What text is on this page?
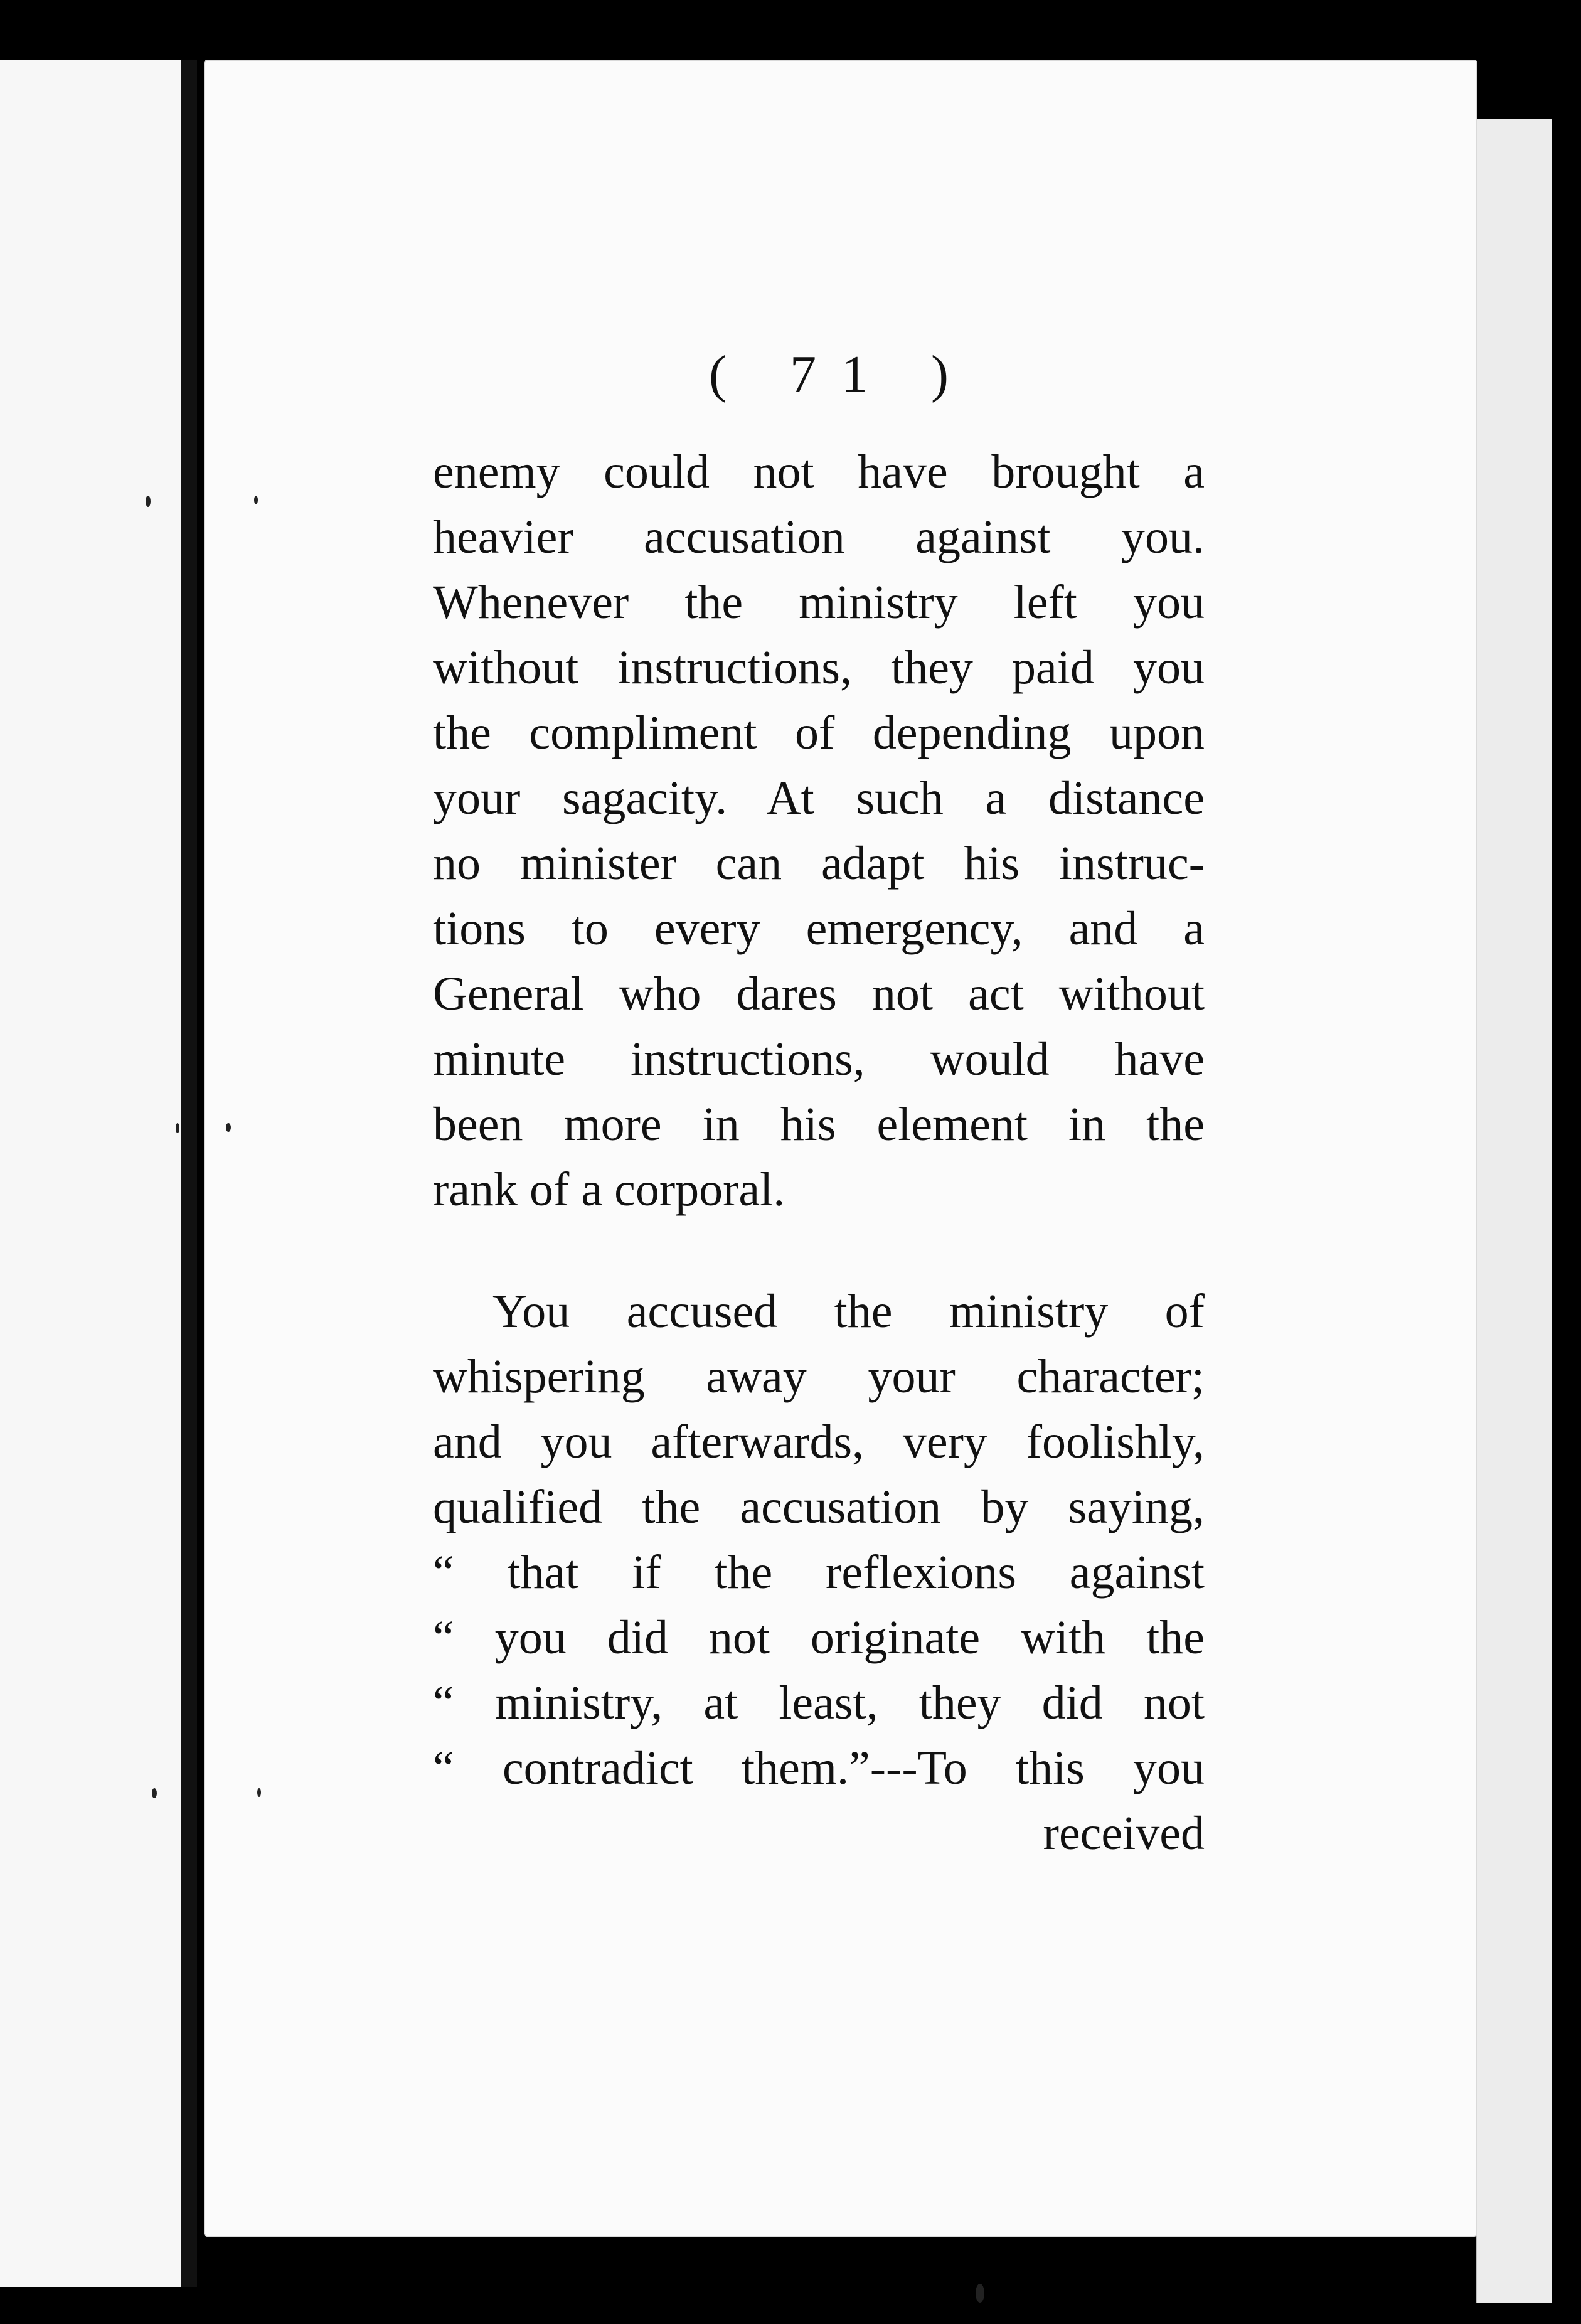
( 71 )
enemy could not have brought a
heavier accusation against you.
Whenever the ministry left you
without instructions, they paid you
the compliment of depending upon
your sagacity. At such a distance
no minister can adapt his instruc-
tions to every emergency, and a
General who dares not act without
minute instructions, would have
been more in his element in the
rank of a corporal.
You accused the ministry of
whispering away your character;
and you afterwards, very foolishly,
qualified the accusation by saying,
“ that if the reflexions against
“ you did not originate with the
“ ministry, at least, they did not
“ contradict them.”---To this you
received
